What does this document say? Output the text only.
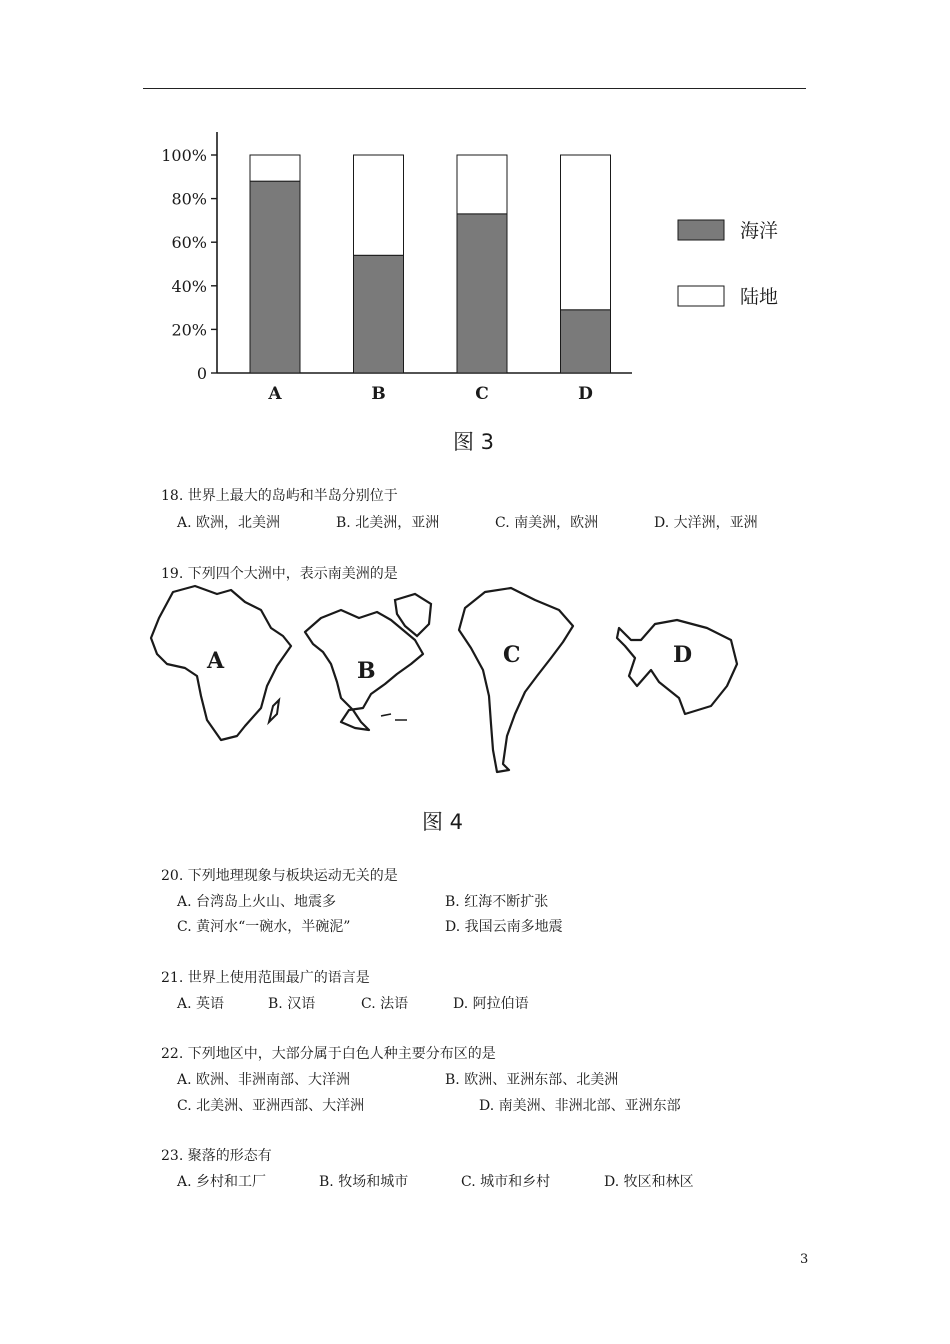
0
20%
40%
60%
80%
100%
A	B	C	D
海洋
陆地
图 3
18. 世界上最大的岛屿和半岛分别位于
A. 欧洲，北美洲	B. 北美洲，亚洲	C. 南美洲，欧洲	D. 大洋洲，亚洲
19. 下列四个大洲中，表示南美洲的是
A	B
C	D
图 4
20. 下列地理现象与板块运动无关的是
A. 台湾岛上火山、地震多	B. 红海不断扩张
C. 黄河水“一碗水，半碗泥”	D. 我国云南多地震
21. 世界上使用范围最广的语言是
A. 英语	B. 汉语	C. 法语	D. 阿拉伯语
22. 下列地区中，大部分属于白色人种主要分布区的是
A. 欧洲、非洲南部、大洋洲	B. 欧洲、亚洲东部、北美洲
C. 北美洲、亚洲西部、大洋洲	D. 南美洲、非洲北部、亚洲东部
23. 聚落的形态有
A. 乡村和工厂	B. 牧场和城市	C. 城市和乡村	D. 牧区和林区
3
